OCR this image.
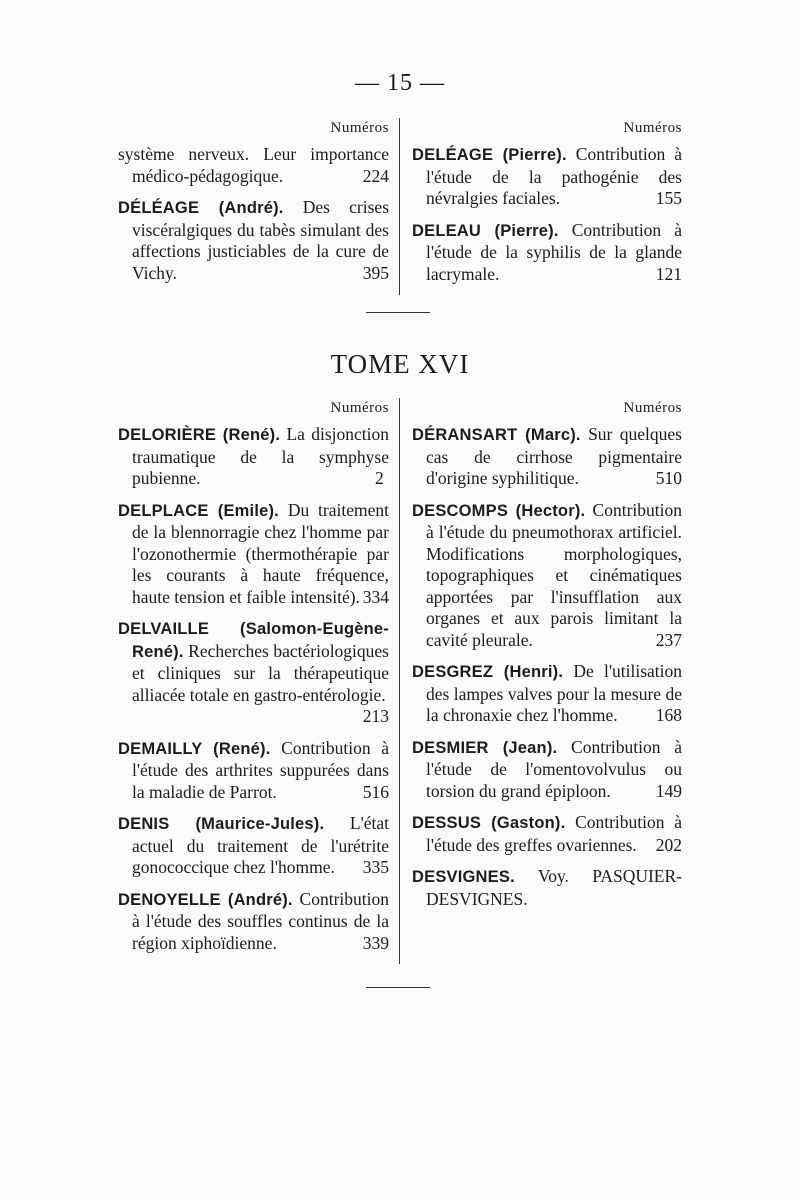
— 15 —
Numéros
système nerveux. Leur importance médico-pédagogique.	224
DÉLÉAGE (André). Des crises viscéralgiques du tabès simulant des affections justiciables de la cure de Vichy.	395
Numéros
DELÉAGE (Pierre). Contribution à l'étude de la pathogénie des névralgies faciales.	155
DELEAU (Pierre). Contribution à l'étude de la syphilis de la glande lacrymale.	121
TOME XVI
Numéros
DELORIÈRE (René). La disjonction traumatique de la symphyse pubienne.	2
DELPLACE (Emile). Du traitement de la blennorragie chez l'homme par l'ozonothermie (thermothérapie par les courants à haute fréquence, haute tension et faible intensité). 334
DELVAILLE (Salomon-Eugène-René). Recherches bactériologiques et cliniques sur la thérapeutique alliacée totale en gastro-entérologie.
213
DEMAILLY (René). Contribution à l'étude des arthrites suppurées dans la maladie de Parrot.	516
DENIS (Maurice-Jules). L'état actuel du traitement de l'urétrite gonococcique chez l'homme. 335
DENOYELLE (André). Contribution à l'étude des souffles continus de la région xiphoïdienne.	339
Numéros
DÉRANSART (Marc). Sur quelques cas de cirrhose pigmentaire d'origine syphilitique.	510
DESCOMPS (Hector). Contribution à l'étude du pneumothorax artificiel. Modifications morphologiques, topographiques et cinématiques apportées par l'insufflation aux organes et aux parois limitant la cavité pleurale.	237
DESGREZ (Henri). De l'utilisation des lampes valves pour la mesure de la chronaxie chez l'homme. 168
DESMIER (Jean). Contribution à l'étude de l'omentovolvulus ou torsion du grand épiploon.	149
DESSUS (Gaston). Contribution à l'étude des greffes ovariennes. 202
DESVIGNES. Voy. PASQUIER-DESVIGNES.
